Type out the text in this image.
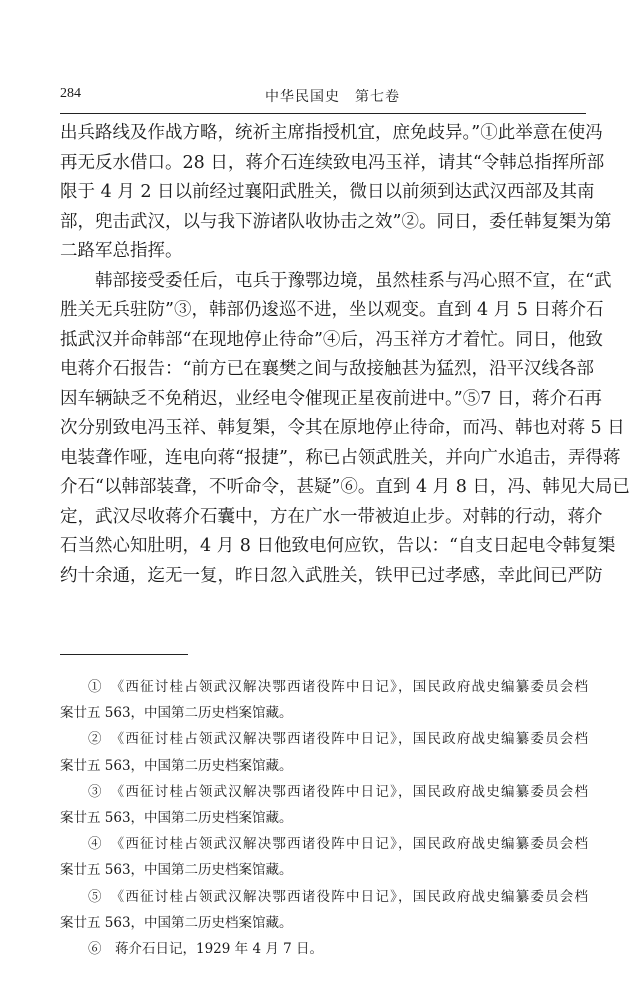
284	中华民国史　第七卷
出兵路线及作战方略，统祈主席指授机宜，庶免歧异。”①此举意在使冯
再无反水借口。28 日，蒋介石连续致电冯玉祥，请其“令韩总指挥所部
限于 4 月 2 日以前经过襄阳武胜关，微日以前须到达武汉西部及其南
部，兜击武汉，以与我下游诸队收协击之效”②。同日，委任韩复榘为第
二路军总指挥。
　　韩部接受委任后，屯兵于豫鄂边境，虽然桂系与冯心照不宣，在“武
胜关无兵驻防”③，韩部仍逡巡不进，坐以观变。直到 4 月 5 日蒋介石
抵武汉并命韩部“在现地停止待命”④后，冯玉祥方才着忙。同日，他致
电蒋介石报告：“前方已在襄樊之间与敌接触甚为猛烈，沿平汉线各部
因车辆缺乏不免稍迟，业经电令催现正星夜前进中。”⑤7 日，蒋介石再
次分别致电冯玉祥、韩复榘，令其在原地停止待命，而冯、韩也对蒋 5 日
电装聋作哑，连电向蒋“报捷”，称已占领武胜关，并向广水追击，弄得蒋
介石“以韩部装聋，不听命令，甚疑”⑥。直到 4 月 8 日，冯、韩见大局已
定，武汉尽收蒋介石囊中，方在广水一带被迫止步。对韩的行动，蒋介
石当然心知肚明，4 月 8 日他致电何应钦，告以：“自支日起电令韩复榘
约十余通，迄无一复，昨日忽入武胜关，铁甲已过孝感，幸此间已严防
①　《西征讨桂占领武汉解决鄂西诸役阵中日记》，国民政府战史编纂委员会档
案廿五 563，中国第二历史档案馆藏。
②　《西征讨桂占领武汉解决鄂西诸役阵中日记》，国民政府战史编纂委员会档
案廿五 563，中国第二历史档案馆藏。
③　《西征讨桂占领武汉解决鄂西诸役阵中日记》，国民政府战史编纂委员会档
案廿五 563，中国第二历史档案馆藏。
④　《西征讨桂占领武汉解决鄂西诸役阵中日记》，国民政府战史编纂委员会档
案廿五 563，中国第二历史档案馆藏。
⑤　《西征讨桂占领武汉解决鄂西诸役阵中日记》，国民政府战史编纂委员会档
案廿五 563，中国第二历史档案馆藏。
⑥　蒋介石日记，1929 年 4 月 7 日。
